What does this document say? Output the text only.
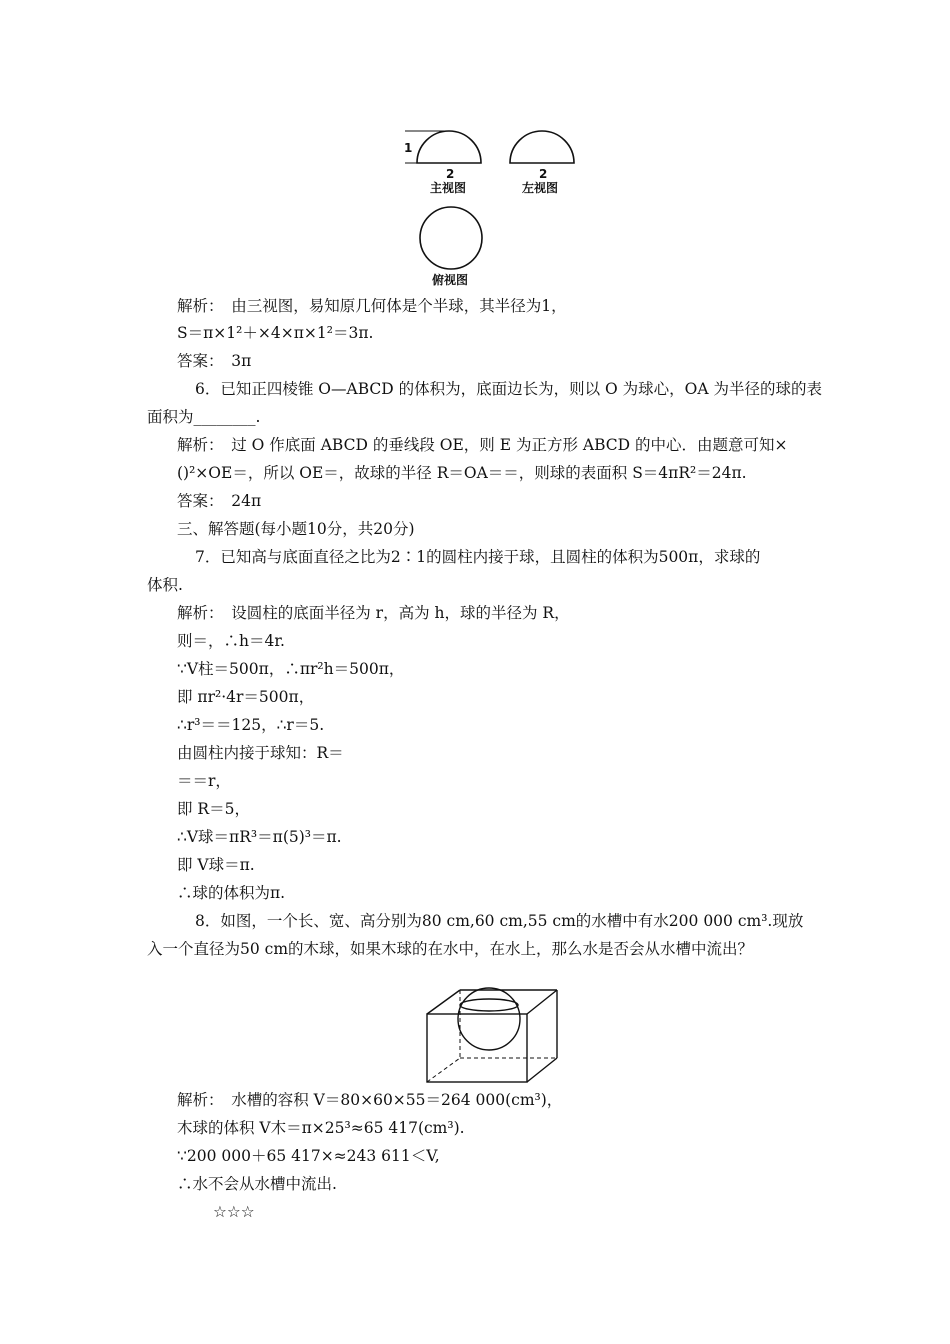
1
2
主视图
2
左视图
俯视图
解析：　由三视图，易知原几何体是个半球，其半径为1，
S＝π×1²＋×4×π×1²＝3π.
答案：　3π
6．已知正四棱锥 O—ABCD 的体积为，底面边长为，则以 O 为球心，OA 为半径的球的表
面积为________.
解析：　过 O 作底面 ABCD 的垂线段 OE，则 E 为正方形 ABCD 的中心．由题意可知×
()²×OE＝，所以 OE＝，故球的半径 R＝OA＝＝，则球的表面积 S＝4πR²＝24π.
答案：　24π
三、解答题(每小题10分，共20分)
7．已知高与底面直径之比为2∶1的圆柱内接于球，且圆柱的体积为500π，求球的
体积.
解析：　设圆柱的底面半径为 r，高为 h，球的半径为 R，
则＝，∴h＝4r.
∵V柱＝500π，∴πr²h＝500π，
即 πr²·4r＝500π，
∴r³＝＝125，∴r＝5.
由圆柱内接于球知：R＝
＝＝r，
即 R＝5，
∴V球＝πR³＝π(5)³＝π.
即 V球＝π.
∴球的体积为π.
8．如图，一个长、宽、高分别为80 cm,60 cm,55 cm的水槽中有水200 000 cm³.现放
入一个直径为50 cm的木球，如果木球的在水中，在水上，那么水是否会从水槽中流出？
解析：　水槽的容积 V＝80×60×55＝264 000(cm³)，
木球的体积 V木＝π×25³≈65 417(cm³).
∵200 000＋65 417×≈243 611＜V,
∴水不会从水槽中流出.
☆☆☆
